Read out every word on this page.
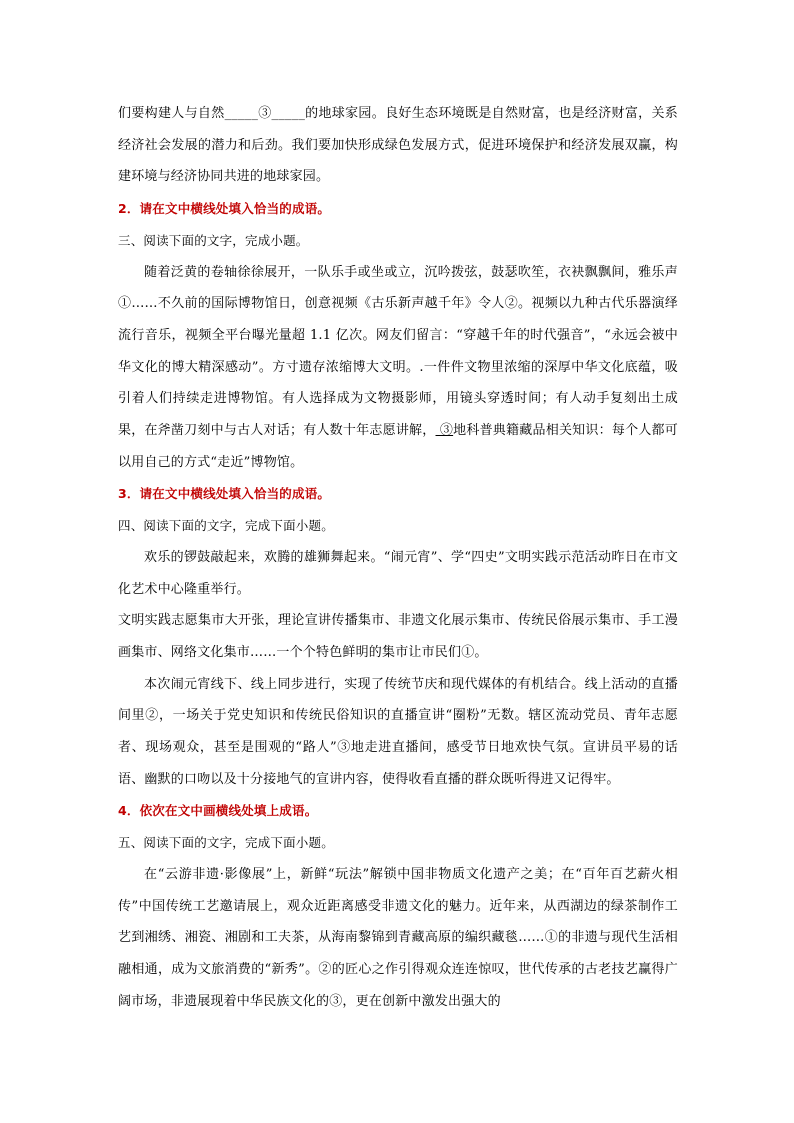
们要构建人与自然_____③_____的地球家园。良好生态环境既是自然财富，也是经济财富，关系经济社会发展的潜力和后劲。我们要加快形成绿色发展方式，促进环境保护和经济发展双赢，构建环境与经济协同共进的地球家园。

2．请在文中横线处填入恰当的成语。

三、阅读下面的文字，完成小题。

随着泛黄的卷轴徐徐展开，一队乐手或坐或立，沉吟拨弦，鼓瑟吹笙，衣袂飘飘间，雅乐声①……不久前的国际博物馆日，创意视频《古乐新声越千年》令人②。视频以九种古代乐器演绎流行音乐，视频全平台曝光量超 1.1 亿次。网友们留言：“穿越千年的时代强音”，“永远会被中华文化的博大精深感动”。方寸遗存浓缩博大文明。.一件件文物里浓缩的深厚中华文化底蕴，吸引着人们持续走进博物馆。有人选择成为文物摄影师，用镜头穿透时间；有人动手复刻出土成果，在斧凿刀刻中与古人对话；有人数十年志愿讲解， ③地科普典籍藏品相关知识：每个人都可以用自己的方式“走近”博物馆。

3．请在文中横线处填入恰当的成语。

四、阅读下面的文字，完成下面小题。

欢乐的锣鼓敲起来，欢腾的雄狮舞起来。“闹元宵”、学“四史”文明实践示范活动昨日在市文化艺术中心隆重举行。

文明实践志愿集市大开张，理论宣讲传播集市、非遗文化展示集市、传统民俗展示集市、手工漫画集市、网络文化集市……一个个特色鲜明的集市让市民们①。

本次闹元宵线下、线上同步进行，实现了传统节庆和现代媒体的有机结合。线上活动的直播间里②，一场关于党史知识和传统民俗知识的直播宣讲“圈粉”无数。辖区流动党员、青年志愿者、现场观众，甚至是围观的“路人”③地走进直播间，感受节日地欢快气氛。宣讲员平易的话语、幽默的口吻以及十分接地气的宣讲内容，使得收看直播的群众既听得进又记得牢。

4．依次在文中画横线处填上成语。

五、阅读下面的文字，完成下面小题。

在“云游非遗·影像展”上，新鲜“玩法”解锁中国非物质文化遗产之美；在“百年百艺薪火相传”中国传统工艺邀请展上，观众近距离感受非遗文化的魅力。近年来，从西湖边的绿茶制作工艺到湘绣、湘瓷、湘剧和工夫茶，从海南黎锦到青藏高原的编织藏毯……①的非遗与现代生活相融相通，成为文旅消费的“新秀”。②的匠心之作引得观众连连惊叹，世代传承的古老技艺赢得广阔市场，非遗展现着中华民族文化的③，更在创新中激发出强大的
